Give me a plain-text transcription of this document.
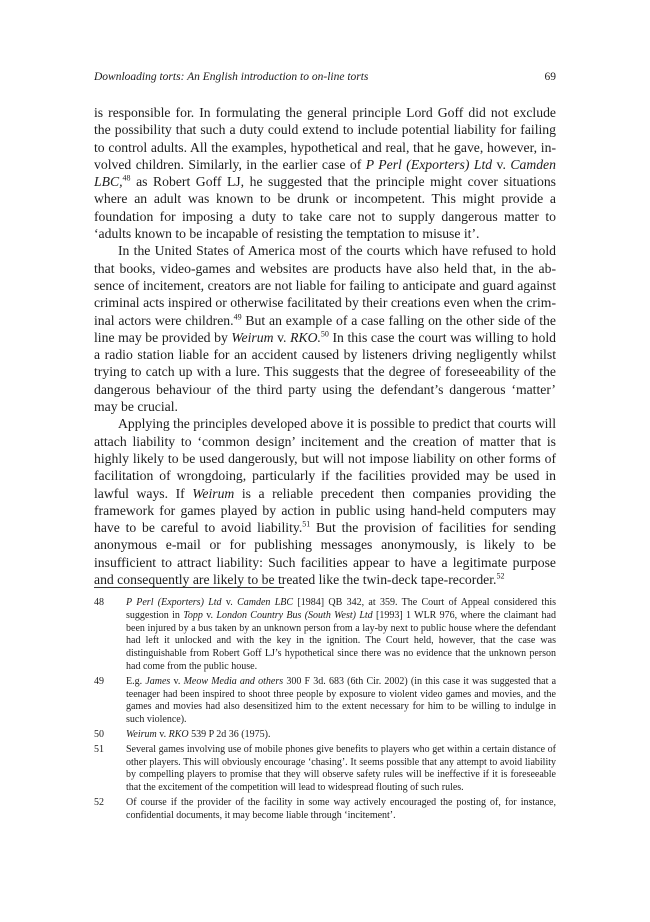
Downloading torts: An English introduction to on-line torts	69

is responsible for. In formulating the general principle Lord Goff did not exclude the possibility that such a duty could extend to include potential liability for failing to control adults. All the examples, hypothetical and real, that he gave, however, involved children. Similarly, in the earlier case of P Perl (Exporters) Ltd v. Camden LBC,$^{48}$ as Robert Goff LJ, he suggested that the principle might cover situations where an adult was known to be drunk or incompetent. This might provide a foundation for imposing a duty to take care not to supply dangerous matter to ‘adults known to be incapable of resisting the temptation to misuse it’.

In the United States of America most of the courts which have refused to hold that books, video-games and websites are products have also held that, in the absence of incitement, creators are not liable for failing to anticipate and guard against criminal acts inspired or otherwise facilitated by their creations even when the criminal actors were children.$^{49}$ But an example of a case falling on the other side of the line may be provided by Weirum v. RKO.$^{50}$ In this case the court was willing to hold a radio station liable for an accident caused by listeners driving negligently whilst trying to catch up with a lure. This suggests that the degree of foreseeability of the dangerous behaviour of the third party using the defendant’s dangerous ‘matter’ may be crucial.

Applying the principles developed above it is possible to predict that courts will attach liability to ‘common design’ incitement and the creation of matter that is highly likely to be used dangerously, but will not impose liability on other forms of facilitation of wrongdoing, particularly if the facilities provided may be used in lawful ways. If Weirum is a reliable precedent then companies providing the framework for games played by action in public using hand-held computers may have to be careful to avoid liability.$^{51}$ But the provision of facilities for sending anonymous e-mail or for publishing messages anonymously, is likely to be insufficient to attract liability: Such facilities appear to have a legitimate purpose and consequently are likely to be treated like the twin-deck tape-recorder.$^{52}$

48	P Perl (Exporters) Ltd v. Camden LBC [1984] QB 342, at 359. The Court of Appeal considered this suggestion in Topp v. London Country Bus (South West) Ltd [1993] 1 WLR 976, where the claimant had been injured by a bus taken by an unknown person from a lay-by next to public house where the defendant had left it unlocked and with the key in the ignition. The Court held, however, that the case was distinguishable from Robert Goff LJ’s hypothetical since there was no evidence that the unknown person had come from the public house.
49	E.g. James v. Meow Media and others 300 F 3d. 683 (6th Cir. 2002) (in this case it was suggested that a teenager had been inspired to shoot three people by exposure to violent video games and movies, and the games and movies had also desensitized him to the extent necessary for him to be willing to indulge in such violence).
50	Weirum v. RKO 539 P 2d 36 (1975).
51	Several games involving use of mobile phones give benefits to players who get within a certain distance of other players. This will obviously encourage ‘chasing’. It seems possible that any attempt to avoid liability by compelling players to promise that they will observe safety rules will be ineffective if it is foreseeable that the excitement of the competition will lead to widespread flouting of such rules.
52	Of course if the provider of the facility in some way actively encouraged the posting of, for instance, confidential documents, it may become liable through ‘incitement’.
